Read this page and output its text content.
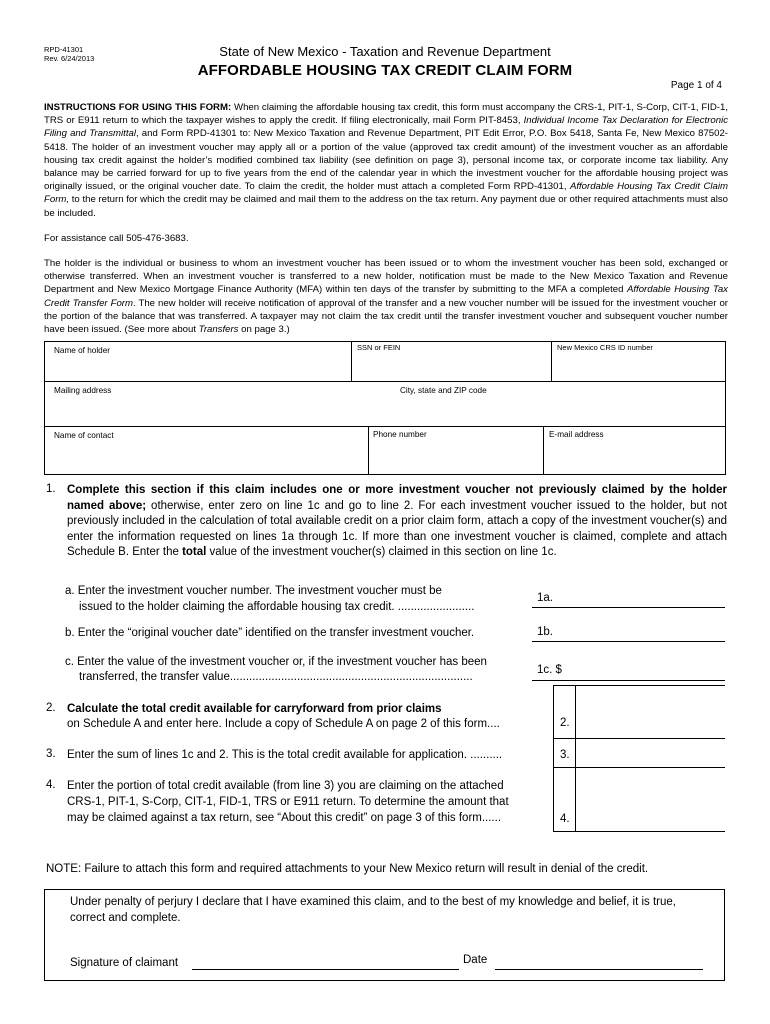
RPD-41301
Rev. 6/24/2013	State of New Mexico - Taxation and Revenue Department
AFFORDABLE HOUSING TAX CREDIT CLAIM FORM
Page 1 of 4

INSTRUCTIONS FOR USING THIS FORM: When claiming the affordable housing tax credit, this form must accompany the CRS-1, PIT-1, S-Corp, CIT-1, FID-1, TRS or E911 return to which the taxpayer wishes to apply the credit. If filing electronically, mail Form PIT-8453, Individual Income Tax Declaration for Electronic Filing and Transmittal, and Form RPD-41301 to: New Mexico Taxation and Revenue Department, PIT Edit Error, P.O. Box 5418, Santa Fe, New Mexico 87502-5418. The holder of an investment voucher may apply all or a portion of the value (approved tax credit amount) of the investment voucher as an affordable housing tax credit against the holder’s modified combined tax liability (see definition on page 3), personal income tax, or corporate income tax liability. Any balance may be carried forward for up to five years from the end of the calendar year in which the investment voucher for the affordable housing project was originally issued, or the original voucher date. To claim the credit, the holder must attach a completed Form RPD-41301, Affordable Housing Tax Credit Claim Form, to the return for which the credit may be claimed and mail them to the address on the tax return. Any payment due or other required attachments must also be included.

For assistance call 505-476-3683.

The holder is the individual or business to whom an investment voucher has been issued or to whom the investment voucher has been sold, exchanged or otherwise transferred. When an investment voucher is transferred to a new holder, notification must be made to the New Mexico Taxation and Revenue Department and New Mexico Mortgage Finance Authority (MFA) within ten days of the transfer by submitting to the MFA a completed Affordable Housing Tax Credit Transfer Form. The new holder will receive notification of approval of the transfer and a new voucher number will be issued for the investment voucher or the portion of the balance that was transferred. A taxpayer may not claim the tax credit until the transfer investment voucher and subsequent voucher number have been issued. (See more about Transfers on page 3.)

Name of holder	SSN or FEIN	New Mexico CRS ID number
Mailing address	City, state and ZIP code
Name of contact	Phone number	E-mail address
1. Complete this section if this claim includes one or more investment voucher not previously claimed by the holder named above; otherwise, enter zero on line 1c and go to line 2. For each investment voucher issued to the holder, but not previously included in the calculation of total available credit on a prior claim form, attach a copy of the investment voucher(s) and enter the information requested on lines 1a through 1c. If more than one investment voucher is claimed, complete and attach Schedule B. Enter the total value of the investment voucher(s) claimed in this section on line 1c.
a. Enter the investment voucher number. The investment voucher must be
issued to the holder claiming the affordable housing tax credit. ........................
1a.
b. Enter the “original voucher date” identified on the transfer investment voucher.	1b.
c. Enter the value of the investment voucher or, if the investment voucher has been
transferred, the transfer value............................................................................
1c. $
2. Calculate the total credit available for carryforward from prior claims
on Schedule A and enter here. Include a copy of Schedule A on page 2 of this form....	2.
3. Enter the sum of lines 1c and 2. This is the total credit available for application. ..........	3.
4. Enter the portion of total credit available (from line 3) you are claiming on the attached
CRS-1, PIT-1, S-Corp, CIT-1, FID-1, TRS or E911 return. To determine the amount that
may be claimed against a tax return, see “About this credit” on page 3 of this form......	4.
NOTE: Failure to attach this form and required attachments to your New Mexico return will result in denial of the credit.
Under penalty of perjury I declare that I have examined this claim, and to the best of my knowledge and belief, it is true, correct and complete.
Signature of claimant	Date
